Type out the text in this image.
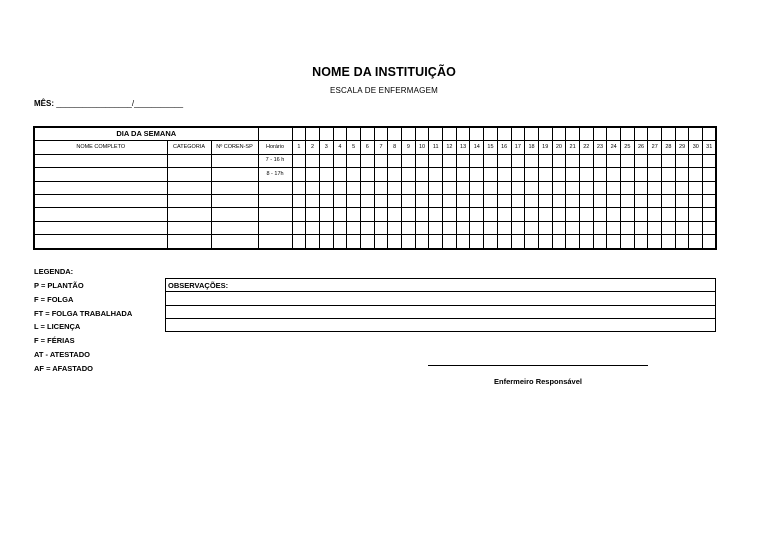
NOME DA INSTITUIÇÃO
ESCALA DE ENFERMAGEM
MÊS: _________________/___________
DIA DA SEMANA																																		
NOME COMPLETO	CATEGORIA	Nº COREN-SP	Horário	1	2	3	4	5	6	7	8	9	10	11	12	13	14	15	16	17	18	19	20	21	22	23	24	25	26	27	28	29	30	31
			7 - 16 h																															
			8 - 17h																															

LEGENDA:
P = PLANTÃO
F = FOLGA
FT = FOLGA TRABALHADA
L = LICENÇA
F = FÉRIAS
AT - ATESTADO
AF = AFASTADO
OBSERVAÇÕES:

Enfermeiro Responsável
